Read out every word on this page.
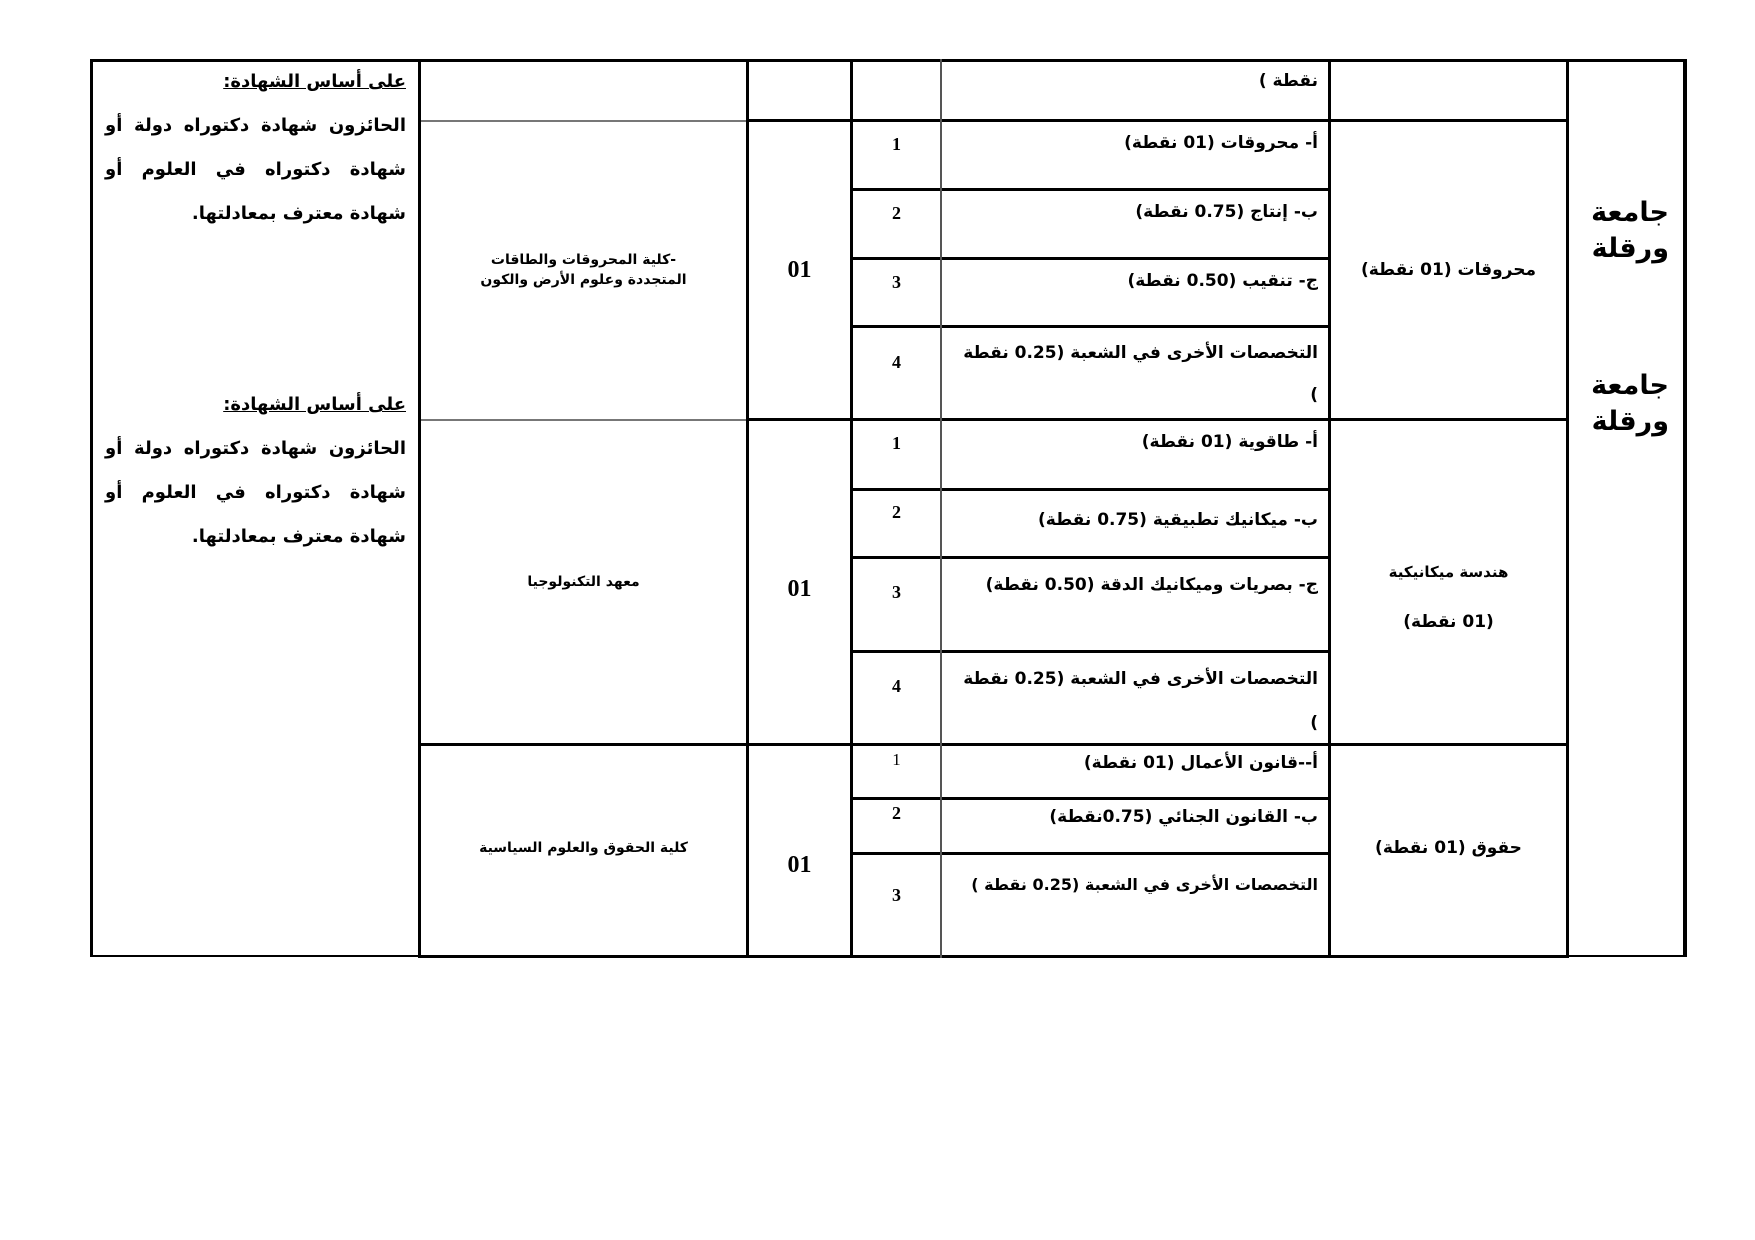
جامعة ورقلة
جامعة ورقلة
نقطة )
محروقات (01 نقطة)
أ- محروقات (01 نقطة)
ب- إنتاج (0.75 نقطة)
ج- تنقيب (0.50 نقطة)
التخصصات الأخرى في الشعبة (0.25 نقطة )
1
2
3
4
01
-كلية المحروقات والطاقات المتجددة وعلوم الأرض والكون
هندسة ميكانيكية
(01 نقطة)
أ- طاقوية (01 نقطة)
ب- ميكانيك تطبيقية (0.75 نقطة)
ج- بصريات وميكانيك الدقة (0.50 نقطة)
التخصصات الأخرى في الشعبة (0.25 نقطة )
1
2
3
4
01
معهد التكنولوجيا
حقوق (01 نقطة)
أ--قانون الأعمال (01 نقطة)
ب- القانون الجنائي (0.75نقطة)
التخصصات الأخرى في الشعبة (0.25 نقطة )
1
2
3
01
كلية الحقوق والعلوم السياسية
على أساس الشهادة:
الحائزون شهادة دكتوراه دولة أو شهادة دكتوراه في العلوم أو شهادة معترف بمعادلتها.
على أساس الشهادة:
الحائزون شهادة دكتوراه دولة أو شهادة دكتوراه في العلوم أو شهادة معترف بمعادلتها.
